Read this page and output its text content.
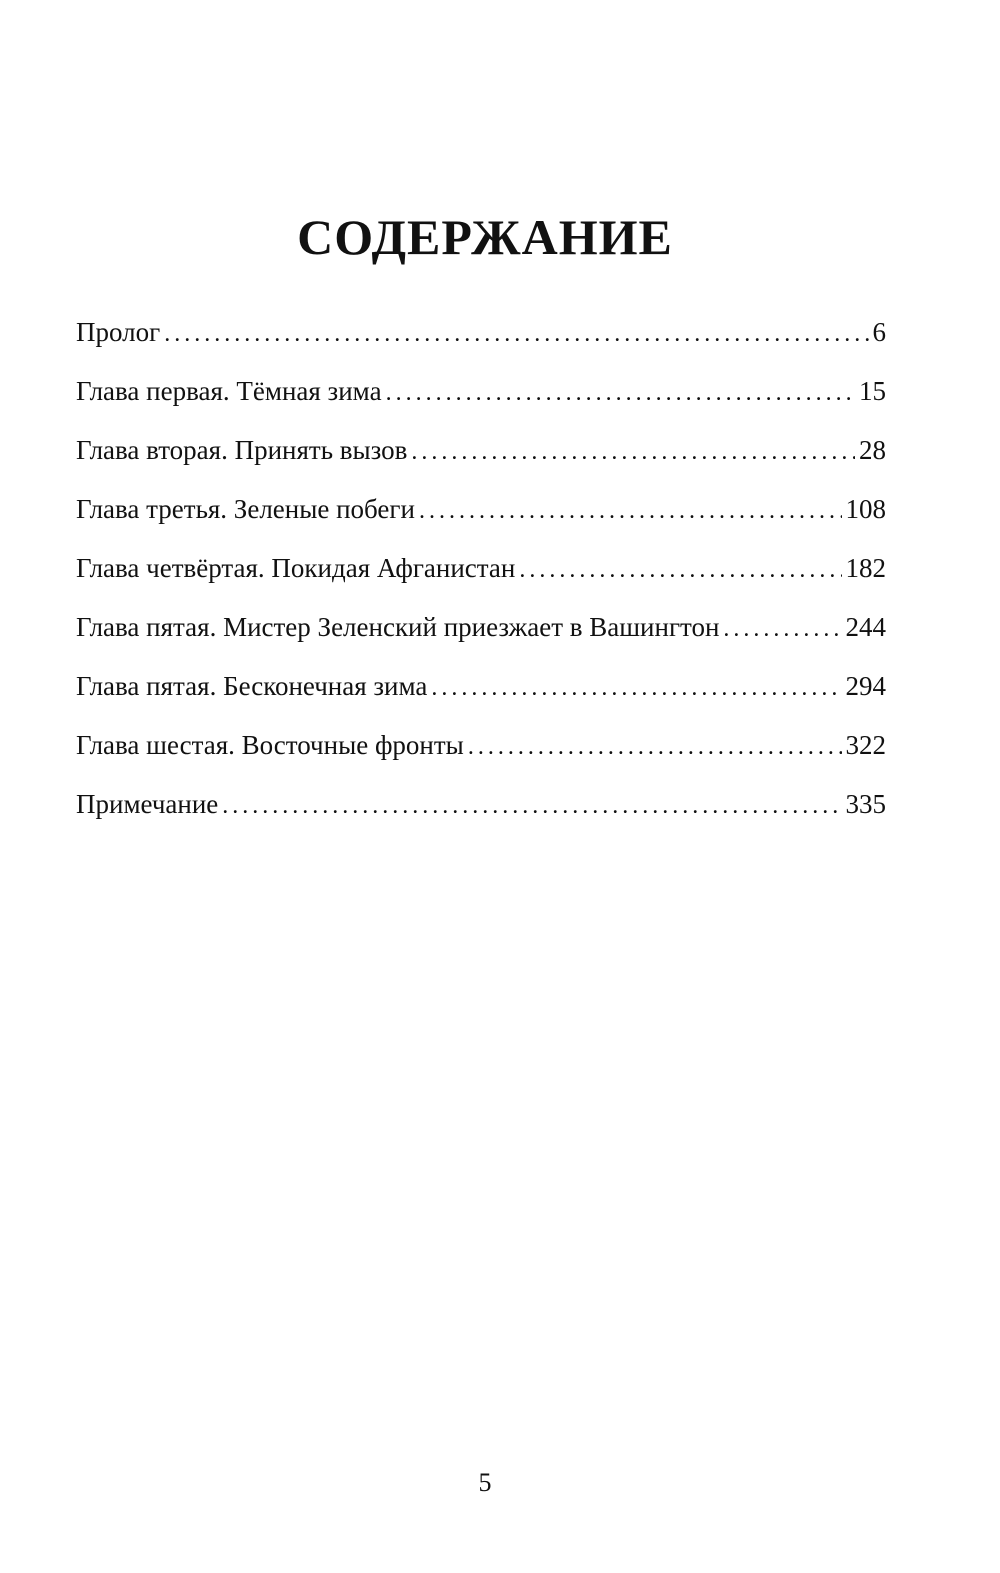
СОДЕРЖАНИЕ
Пролог . . .	6
Глава первая. Тёмная зима . . .	15
Глава вторая. Принять вызов . . .	28
Глава третья. Зеленые побеги . . .	108
Глава четвёртая. Покидая Афганистан . . .	182
Глава пятая. Мистер Зеленский приезжает в Вашингтон . . .	244
Глава пятая. Бесконечная зима . . .	294
Глава шестая. Восточные фронты . . .	322
Примечание . . .	335
5
